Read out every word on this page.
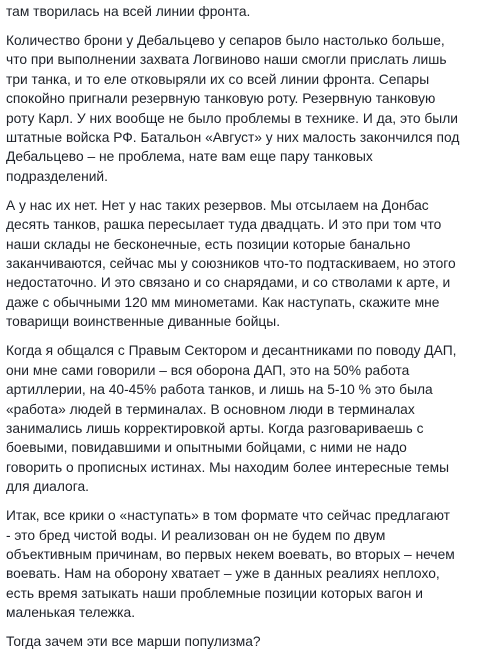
там творилась на всей линии фронта.

Количество брони у Дебальцево у сепаров было настолько больше,
что при выполнении захвата Логвиново наши смогли прислать лишь
три танка, и то еле отковыряли их со всей линии фронта. Сепары
спокойно пригнали резервную танковую роту. Резервную танковую
роту Карл. У них вообще не было проблемы в технике. И да, это были
штатные войска РФ. Батальон «Август» у них малость закончился под
Дебальцево – не проблема, нате вам еще пару танковых
подразделений.

А у нас их нет. Нет у нас таких резервов. Мы отсылаем на Донбас
десять танков, рашка пересылает туда двадцать. И это при том что
наши склады не бесконечные, есть позиции которые банально
заканчиваются, сейчас мы у союзников что-то подтаскиваем, но этого
недостаточно. И это связано и со снарядами, и со стволами к арте, и
даже с обычными 120 мм минометами. Как наступать, скажите мне
товарищи воинственные диванные бойцы.

Когда я общался с Правым Сектором и десантниками по поводу ДАП,
они мне сами говорили – вся оборона ДАП, это на 50% работа
артиллерии, на 40-45% работа танков, и лишь на 5-10 % это была
«работа» людей в терминалах. В основном люди в терминалах
занимались лишь корректировкой арты. Когда разговариваешь с
боевыми, повидавшими и опытными бойцами, с ними не надо
говорить о прописных истинах. Мы находим более интересные темы
для диалога.

Итак, все крики о «наступать» в том формате что сейчас предлагают
- это бред чистой воды. И реализован он не будем по двум
объективным причинам, во первых некем воевать, во вторых – нечем
воевать. Нам на оборону хватает – уже в данных реалиях неплохо,
есть время затыкать наши проблемные позиции которых вагон и
маленькая тележка.

Тогда зачем эти все марши популизма?
